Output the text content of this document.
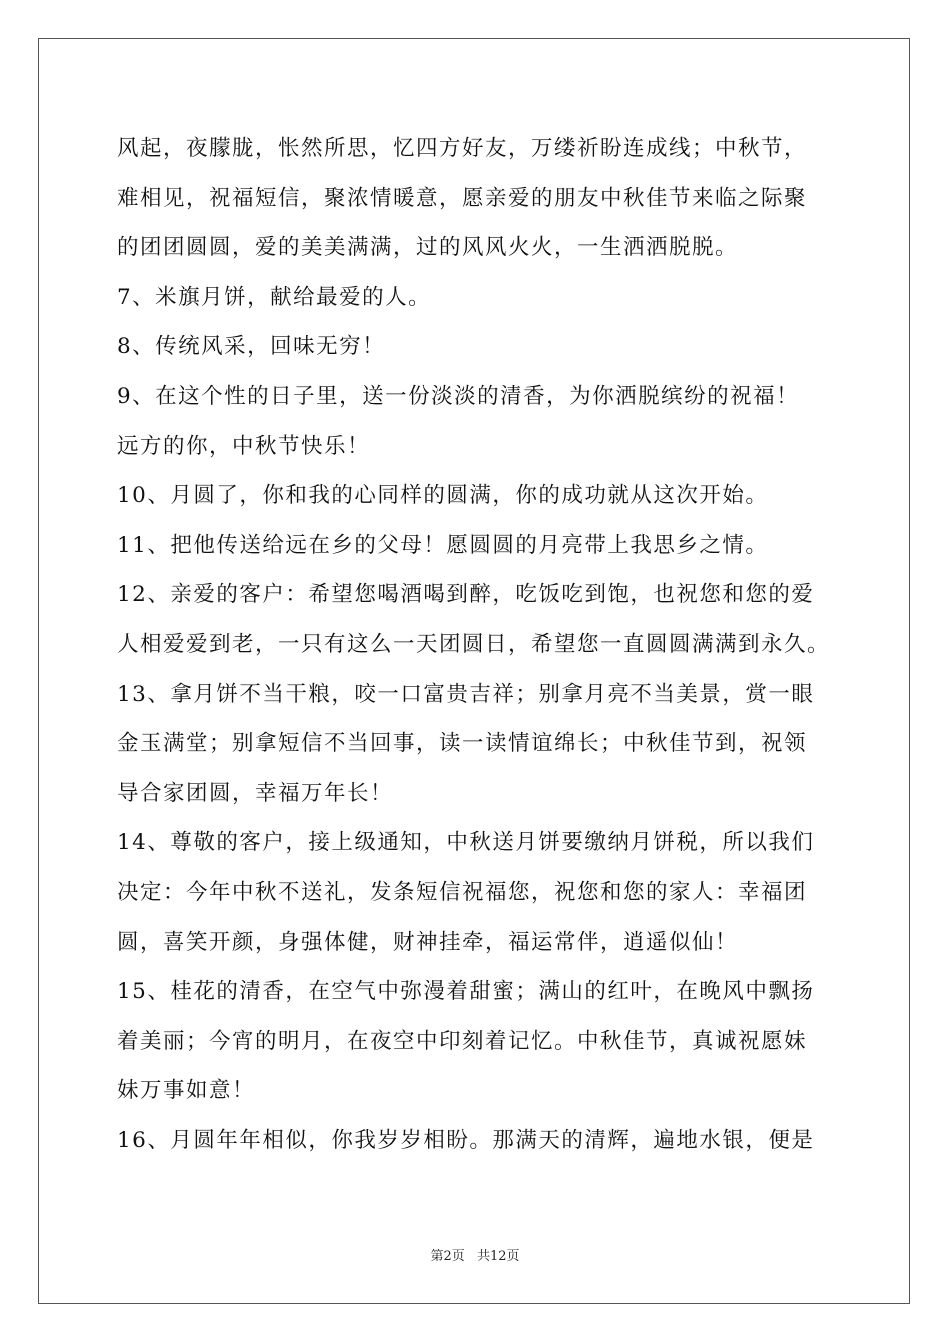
风起，夜朦胧，怅然所思，忆四方好友，万缕祈盼连成线；中秋节，
难相见，祝福短信，聚浓情暖意，愿亲爱的朋友中秋佳节来临之际聚
的团团圆圆，爱的美美满满，过的风风火火，一生洒洒脱脱。
7、米旗月饼，献给最爱的人。
8、传统风采，回味无穷！
9、在这个性的日子里，送一份淡淡的清香，为你洒脱缤纷的祝福！
远方的你，中秋节快乐！
10、月圆了，你和我的心同样的圆满，你的成功就从这次开始。
11、把他传送给远在乡的父母！愿圆圆的月亮带上我思乡之情。
12、亲爱的客户：希望您喝酒喝到醉，吃饭吃到饱，也祝您和您的爱
人相爱爱到老，一只有这么一天团圆日，希望您一直圆圆满满到永久。
13、拿月饼不当干粮，咬一口富贵吉祥；别拿月亮不当美景，赏一眼
金玉满堂；别拿短信不当回事，读一读情谊绵长；中秋佳节到，祝领
导合家团圆，幸福万年长！
14、尊敬的客户，接上级通知，中秋送月饼要缴纳月饼税，所以我们
决定：今年中秋不送礼，发条短信祝福您，祝您和您的家人：幸福团
圆，喜笑开颜，身强体健，财神挂牵，福运常伴，逍遥似仙！
15、桂花的清香，在空气中弥漫着甜蜜；满山的红叶，在晚风中飘扬
着美丽；今宵的明月，在夜空中印刻着记忆。中秋佳节，真诚祝愿妹
妹万事如意！
16、月圆年年相似，你我岁岁相盼。那满天的清辉，遍地水银，便是
第2页 共12页
